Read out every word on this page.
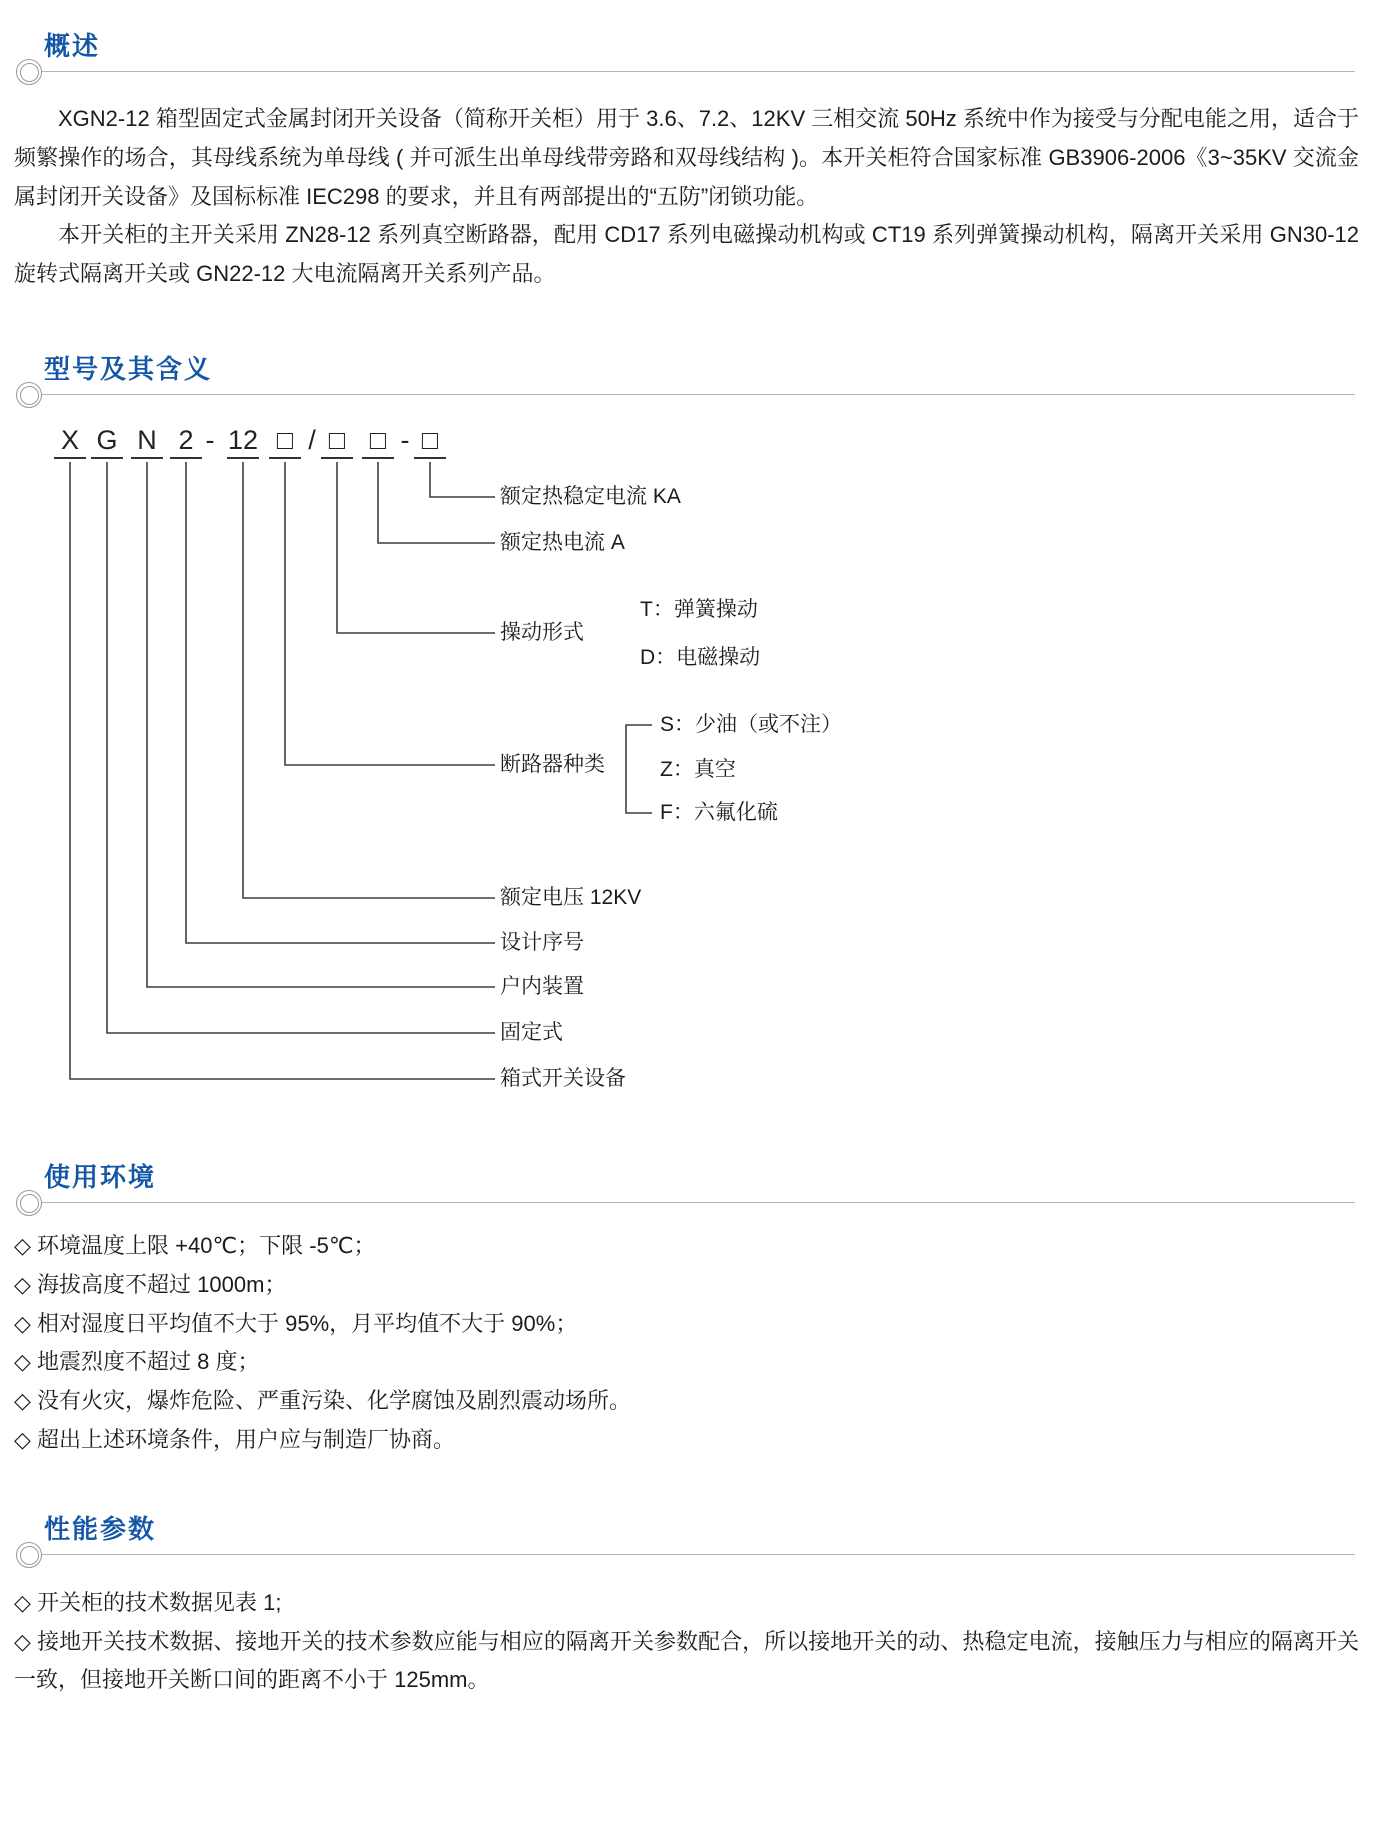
概述

XGN2-12 箱型固定式金属封闭开关设备（简称开关柜）用于 3.6、7.2、12KV 三相交流 50Hz 系统中作为接受与分配电能之用，适合于频繁操作的场合，其母线系统为单母线 ( 并可派生出单母线带旁路和双母线结构 )。本开关柜符合国家标准 GB3906-2006《3~35KV 交流金属封闭开关设备》及国标标准 IEC298 的要求，并且有两部提出的“五防”闭锁功能。

本开关柜的主开关采用 ZN28-12 系列真空断路器，配用 CD17 系列电磁操动机构或 CT19 系列弹簧操动机构，隔离开关采用 GN30-12 旋转式隔离开关或 GN22-12 大电流隔离开关系列产品。

型号及其含义
X G N 2 - 12 □ / □ □ - □
额定热稳定电流 KA
额定热电流 A
操动形式
断路器种类
额定电压 12KV
设计序号
户内装置
固定式
箱式开关设备
T：弹簧操动
D：电磁操动
S：少油（或不注）
Z：真空
F：六氟化硫
使用环境
◇ 环境温度上限 +40℃；下限 -5℃；
◇ 海拔高度不超过 1000m；
◇ 相对湿度日平均值不大于 95%，月平均值不大于 90%；
◇ 地震烈度不超过 8 度；
◇ 没有火灾，爆炸危险、严重污染、化学腐蚀及剧烈震动场所。
◇ 超出上述环境条件，用户应与制造厂协商。
性能参数
◇ 开关柜的技术数据见表 1;

◇ 接地开关技术数据、接地开关的技术参数应能与相应的隔离开关参数配合，所以接地开关的动、热稳定电流，接触压力与相应的隔离开关一致，但接地开关断口间的距离不小于 125mm。
